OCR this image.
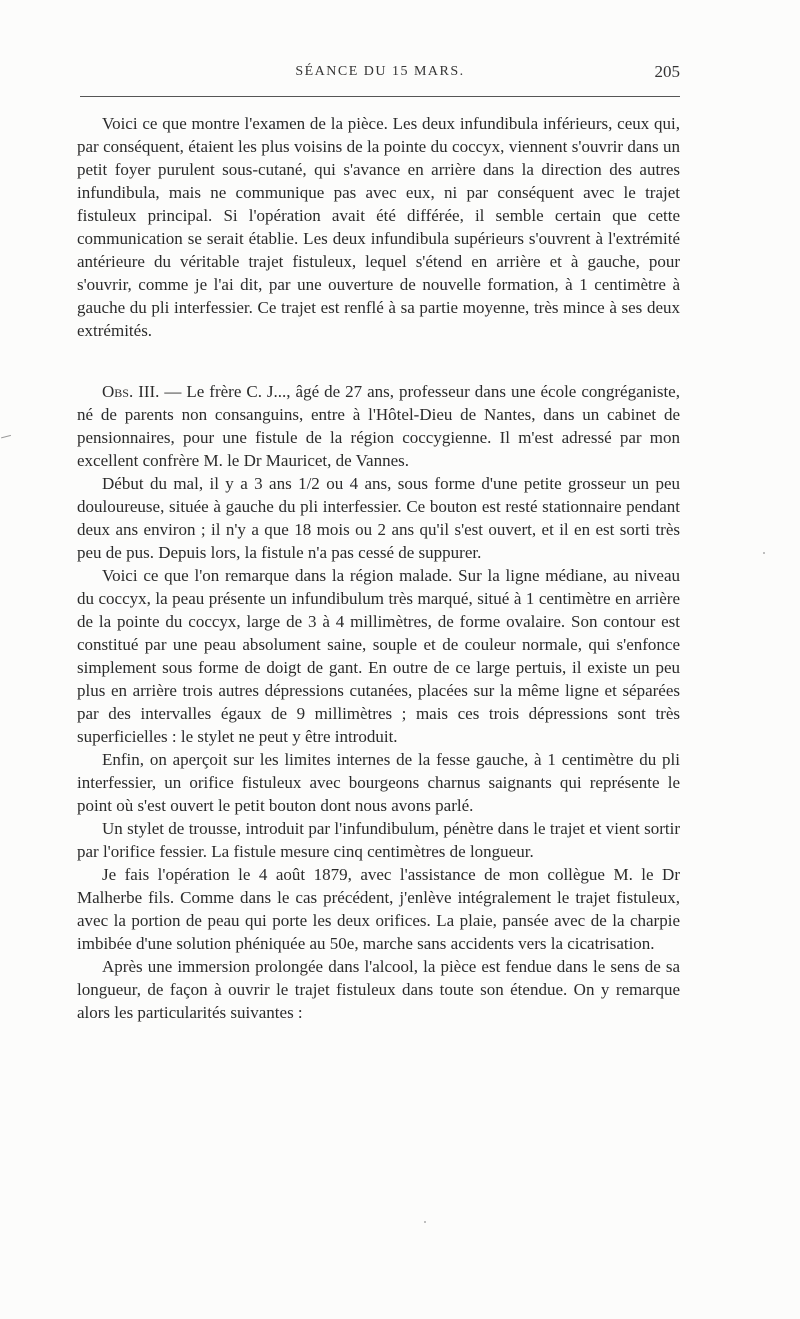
SÉANCE DU 15 MARS.	205

Voici ce que montre l'examen de la pièce. Les deux infundibula inférieurs, ceux qui, par conséquent, étaient les plus voisins de la pointe du coccyx, viennent s'ouvrir dans un petit foyer purulent sous-cutané, qui s'avance en arrière dans la direction des autres infundibula, mais ne communique pas avec eux, ni par conséquent avec le trajet fistuleux principal. Si l'opération avait été différée, il semble certain que cette communication se serait établie. Les deux infundibula supérieurs s'ouvrent à l'extrémité antérieure du véritable trajet fistuleux, lequel s'étend en arrière et à gauche, pour s'ouvrir, comme je l'ai dit, par une ouverture de nouvelle formation, à 1 centimètre à gauche du pli interfessier. Ce trajet est renflé à sa partie moyenne, très mince à ses deux extrémités.

Obs. III. — Le frère C. J..., âgé de 27 ans, professeur dans une école congréganiste, né de parents non consanguins, entre à l'Hôtel-Dieu de Nantes, dans un cabinet de pensionnaires, pour une fistule de la région coccygienne. Il m'est adressé par mon excellent confrère M. le Dr Mauricet, de Vannes.

Début du mal, il y a 3 ans 1/2 ou 4 ans, sous forme d'une petite grosseur un peu douloureuse, située à gauche du pli interfessier. Ce bouton est resté stationnaire pendant deux ans environ ; il n'y a que 18 mois ou 2 ans qu'il s'est ouvert, et il en est sorti très peu de pus. Depuis lors, la fistule n'a pas cessé de suppurer.

Voici ce que l'on remarque dans la région malade. Sur la ligne médiane, au niveau du coccyx, la peau présente un infundibulum très marqué, situé à 1 centimètre en arrière de la pointe du coccyx, large de 3 à 4 millimètres, de forme ovalaire. Son contour est constitué par une peau absolument saine, souple et de couleur normale, qui s'enfonce simplement sous forme de doigt de gant. En outre de ce large pertuis, il existe un peu plus en arrière trois autres dépressions cutanées, placées sur la même ligne et séparées par des intervalles égaux de 9 millimètres ; mais ces trois dépressions sont très superficielles : le stylet ne peut y être introduit.

Enfin, on aperçoit sur les limites internes de la fesse gauche, à 1 centimètre du pli interfessier, un orifice fistuleux avec bourgeons charnus saignants qui représente le point où s'est ouvert le petit bouton dont nous avons parlé.

Un stylet de trousse, introduit par l'infundibulum, pénètre dans le trajet et vient sortir par l'orifice fessier. La fistule mesure cinq centimètres de longueur.

Je fais l'opération le 4 août 1879, avec l'assistance de mon collègue M. le Dr Malherbe fils. Comme dans le cas précédent, j'enlève intégralement le trajet fistuleux, avec la portion de peau qui porte les deux orifices. La plaie, pansée avec de la charpie imbibée d'une solution phéniquée au 50e, marche sans accidents vers la cicatrisation.

Après une immersion prolongée dans l'alcool, la pièce est fendue dans le sens de sa longueur, de façon à ouvrir le trajet fistuleux dans toute son étendue. On y remarque alors les particularités suivantes :
